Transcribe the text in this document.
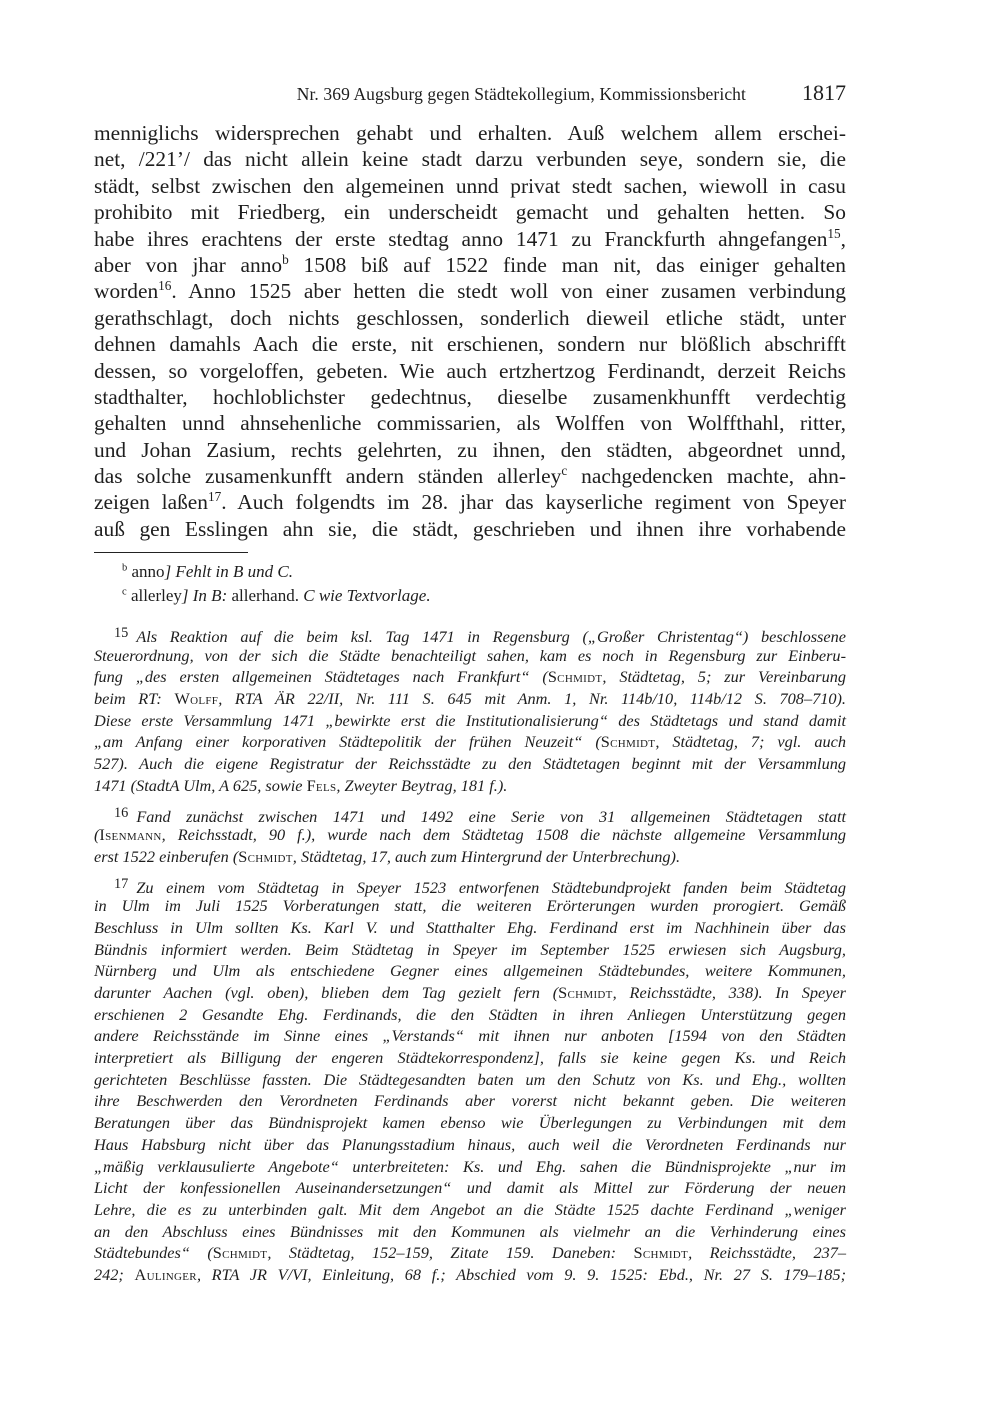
Nr. 369 Augsburg gegen Städtekollegium, Kommissionsbericht	1817
menniglichs widersprechen gehabt und erhalten. Auß welchem allem erschei-
net, /221’/ das nicht allein keine stadt darzu verbunden seye, sondern sie, die
städt, selbst zwischen den algemeinen unnd privat stedt sachen, wiewoll in casu
prohibito mit Friedberg, ein underscheidt gemacht und gehalten hetten. So
habe ihres erachtens der erste stedtag anno 1471 zu Franckfurth ahngefangen$^{15}$,
aber von jhar anno$^b$ 1508 biß auf 1522 finde man nit, das einiger gehalten
worden$^{16}$. Anno 1525 aber hetten die stedt woll von einer zusamen verbindung
gerathschlagt, doch nichts geschlossen, sonderlich dieweil etliche städt, unter
dehnen damahls Aach die erste, nit erschienen, sondern nur blößlich abschrifft
dessen, so vorgeloffen, gebeten. Wie auch ertzhertzog Ferdinandt, derzeit Reichs
stadthalter, hochloblichster gedechtnus, dieselbe zusamenkhunfft verdechtig
gehalten unnd ahnsehenliche commissarien, als Wolffen von Wolffthahl, ritter,
und Johan Zasium, rechts gelehrten, zu ihnen, den städten, abgeordnet unnd,
das solche zusamenkunfft andern ständen allerley$^c$ nachgedencken machte, ahn-
zeigen laßen$^{17}$. Auch folgendts im 28. jhar das kayserliche regiment von Speyer
auß gen Esslingen ahn sie, die städt, geschrieben und ihnen ihre vorhabende
$^b$ anno] Fehlt in B und C.
$^c$ allerley] In B: allerhand. C wie Textvorlage.
15 Als Reaktion auf die beim ksl. Tag 1471 in Regensburg („Großer Christentag“) beschlossene
Steuerordnung, von der sich die Städte benachteiligt sahen, kam es noch in Regensburg zur Einberu-
fung „des ersten allgemeinen Städtetages nach Frankfurt“ (Schmidt, Städtetag, 5; zur Vereinbarung
beim RT: Wolff, RTA ÄR 22/II, Nr. 111 S. 645 mit Anm. 1, Nr. 114b/10, 114b/12 S. 708–710).
Diese erste Versammlung 1471 „bewirkte erst die Institutionalisierung“ des Städtetags und stand damit
„am Anfang einer korporativen Städtepolitik der frühen Neuzeit“ (Schmidt, Städtetag, 7; vgl. auch
527). Auch die eigene Registratur der Reichsstädte zu den Städtetagen beginnt mit der Versammlung
1471 (StadtA Ulm, A 625, sowie Fels, Zweyter Beytrag, 181 f.).
16 Fand zunächst zwischen 1471 und 1492 eine Serie von 31 allgemeinen Städtetagen statt
(Isenmann, Reichsstadt, 90 f.), wurde nach dem Städtetag 1508 die nächste allgemeine Versammlung
erst 1522 einberufen (Schmidt, Städtetag, 17, auch zum Hintergrund der Unterbrechung).
17 Zu einem vom Städtetag in Speyer 1523 entworfenen Städtebundprojekt fanden beim Städtetag
in Ulm im Juli 1525 Vorberatungen statt, die weiteren Erörterungen wurden prorogiert. Gemäß
Beschluss in Ulm sollten Ks. Karl V. und Statthalter Ehg. Ferdinand erst im Nachhinein über das
Bündnis informiert werden. Beim Städtetag in Speyer im September 1525 erwiesen sich Augsburg,
Nürnberg und Ulm als entschiedene Gegner eines allgemeinen Städtebundes, weitere Kommunen,
darunter Aachen (vgl. oben), blieben dem Tag gezielt fern (Schmidt, Reichsstädte, 338). In Speyer
erschienen 2 Gesandte Ehg. Ferdinands, die den Städten in ihren Anliegen Unterstützung gegen
andere Reichsstände im Sinne eines „Verstands“ mit ihnen nur anboten [1594 von den Städten
interpretiert als Billigung der engeren Städtekorrespondenz], falls sie keine gegen Ks. und Reich
gerichteten Beschlüsse fassten. Die Städtegesandten baten um den Schutz von Ks. und Ehg., wollten
ihre Beschwerden den Verordneten Ferdinands aber vorerst nicht bekannt geben. Die weiteren
Beratungen über das Bündnisprojekt kamen ebenso wie Überlegungen zu Verbindungen mit dem
Haus Habsburg nicht über das Planungsstadium hinaus, auch weil die Verordneten Ferdinands nur
„mäßig verklausulierte Angebote“ unterbreiteten: Ks. und Ehg. sahen die Bündnisprojekte „nur im
Licht der konfessionellen Auseinandersetzungen“ und damit als Mittel zur Förderung der neuen
Lehre, die es zu unterbinden galt. Mit dem Angebot an die Städte 1525 dachte Ferdinand „weniger
an den Abschluss eines Bündnisses mit den Kommunen als vielmehr an die Verhinderung eines
Städtebundes“ (Schmidt, Städtetag, 152–159, Zitate 159. Daneben: Schmidt, Reichsstädte, 237–
242; Aulinger, RTA JR V/VI, Einleitung, 68 f.; Abschied vom 9. 9. 1525: Ebd., Nr. 27 S. 179–185;
